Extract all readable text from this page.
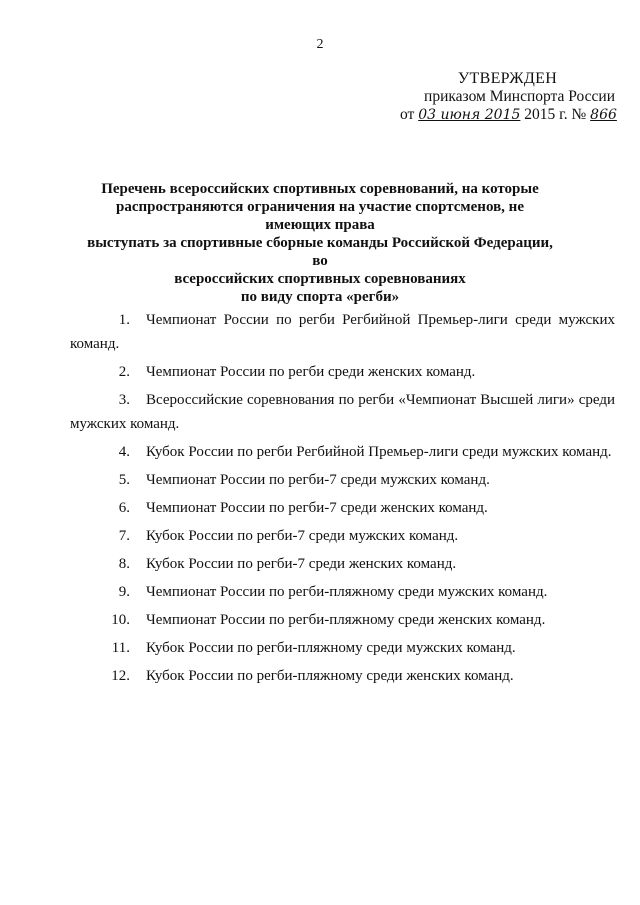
2
УТВЕРЖДЕН
приказом Минспорта России
от 03 июня 2015 2015 г. № 866
Перечень всероссийских спортивных соревнований, на которые
распространяются ограничения на участие спортсменов, не имеющих права
выступать за спортивные сборные команды Российской Федерации, во
всероссийских спортивных соревнованиях
по виду спорта «регби»
1. Чемпионат России по регби Регбийной Премьер-лиги среди мужских команд.
2. Чемпионат России по регби среди женских команд.
3. Всероссийские соревнования по регби «Чемпионат Высшей лиги» среди мужских команд.
4. Кубок России по регби Регбийной Премьер-лиги среди мужских команд.
5. Чемпионат России по регби-7 среди мужских команд.
6. Чемпионат России по регби-7 среди женских команд.
7. Кубок России по регби-7 среди мужских команд.
8. Кубок России по регби-7 среди женских команд.
9. Чемпионат России по регби-пляжному среди мужских команд.
10. Чемпионат России по регби-пляжному среди женских команд.
11. Кубок России по регби-пляжному среди мужских команд.
12. Кубок России по регби-пляжному среди женских команд.
